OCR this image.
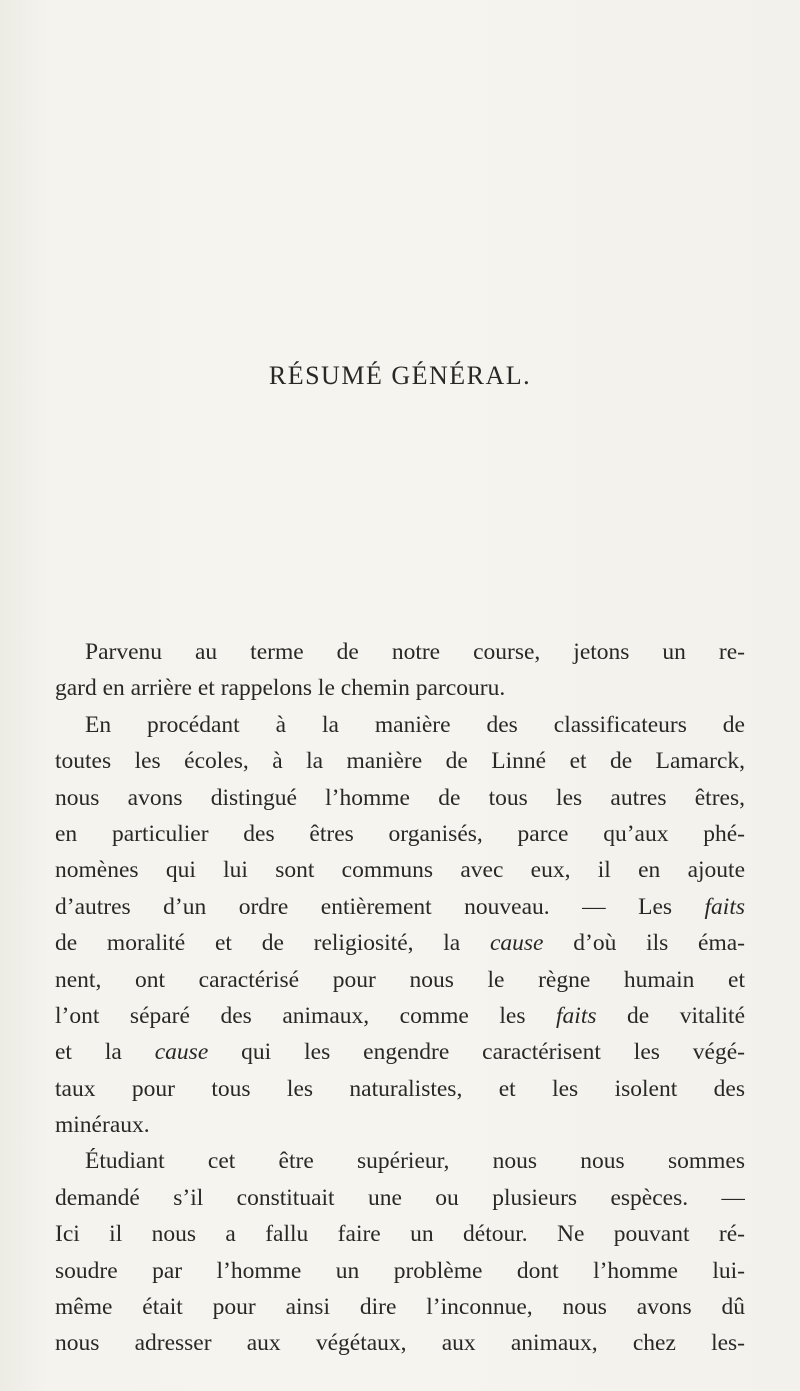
RÉSUMÉ GÉNÉRAL.
Parvenu au terme de notre course, jetons un re-
gard en arrière et rappelons le chemin parcouru.
En procédant à la manière des classificateurs de
toutes les écoles, à la manière de Linné et de Lamarck,
nous avons distingué l’homme de tous les autres êtres,
en particulier des êtres organisés, parce qu’aux phé-
nomènes qui lui sont communs avec eux, il en ajoute
d’autres d’un ordre entièrement nouveau. — Les faits
de moralité et de religiosité, la cause d’où ils éma-
nent, ont caractérisé pour nous le règne humain et
l’ont séparé des animaux, comme les faits de vitalité
et la cause qui les engendre caractérisent les végé-
taux pour tous les naturalistes, et les isolent des
minéraux.
Étudiant cet être supérieur, nous nous sommes
demandé s’il constituait une ou plusieurs espèces. —
Ici il nous a fallu faire un détour. Ne pouvant ré-
soudre par l’homme un problème dont l’homme lui-
même était pour ainsi dire l’inconnue, nous avons dû
nous adresser aux végétaux, aux animaux, chez les-
